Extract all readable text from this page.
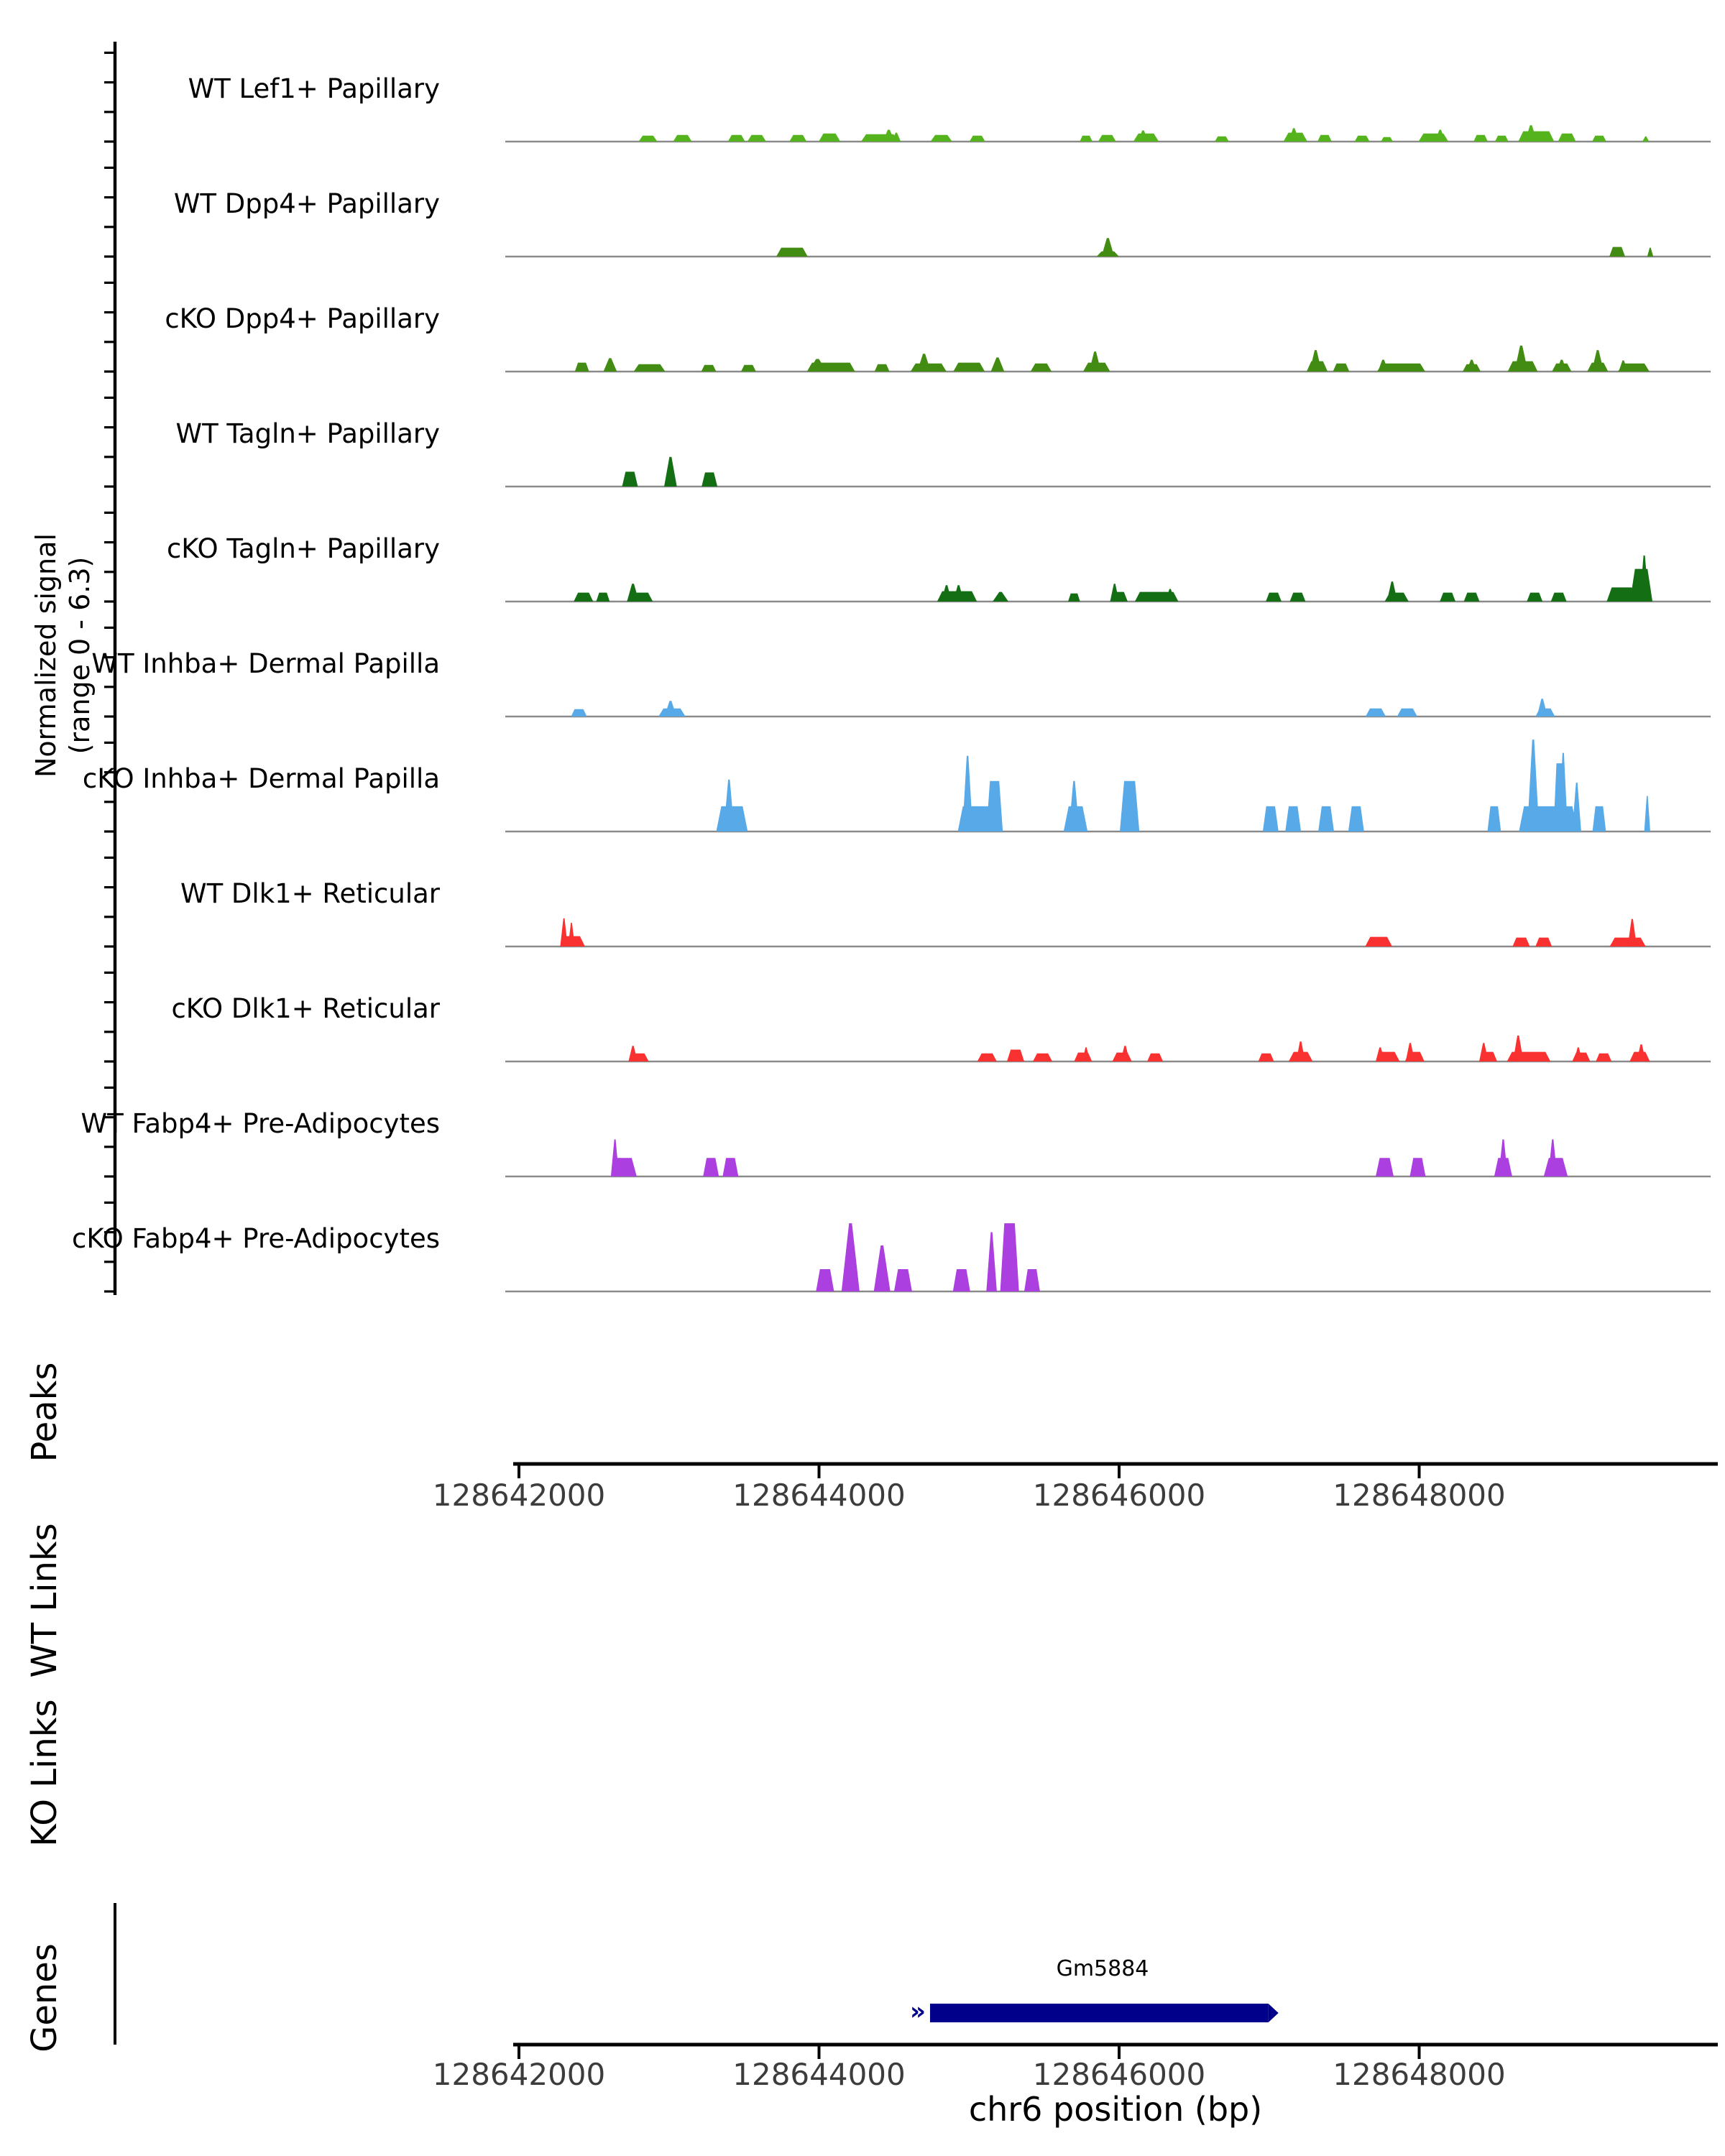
»
Normalized signal (range 0 - 6.3)
Peaks
WT Links
KO Links
Genes	Gm5884
chr6 position (bp)
WT Lef1+ Papillary
WT Dpp4+ Papillary
cKO Dpp4+ Papillary
WT Tagln+ Papillary
cKO Tagln+ Papillary
WT Inhba+ Dermal Papilla
cKO Inhba+ Dermal Papilla
WT Dlk1+ Reticular
cKO Dlk1+ Reticular
WT Fabp4+ Pre-Adipocytes
cKO Fabp4+ Pre-Adipocytes
128642000	128644000	128646000	128648000
128642000	128644000	128646000	128648000
